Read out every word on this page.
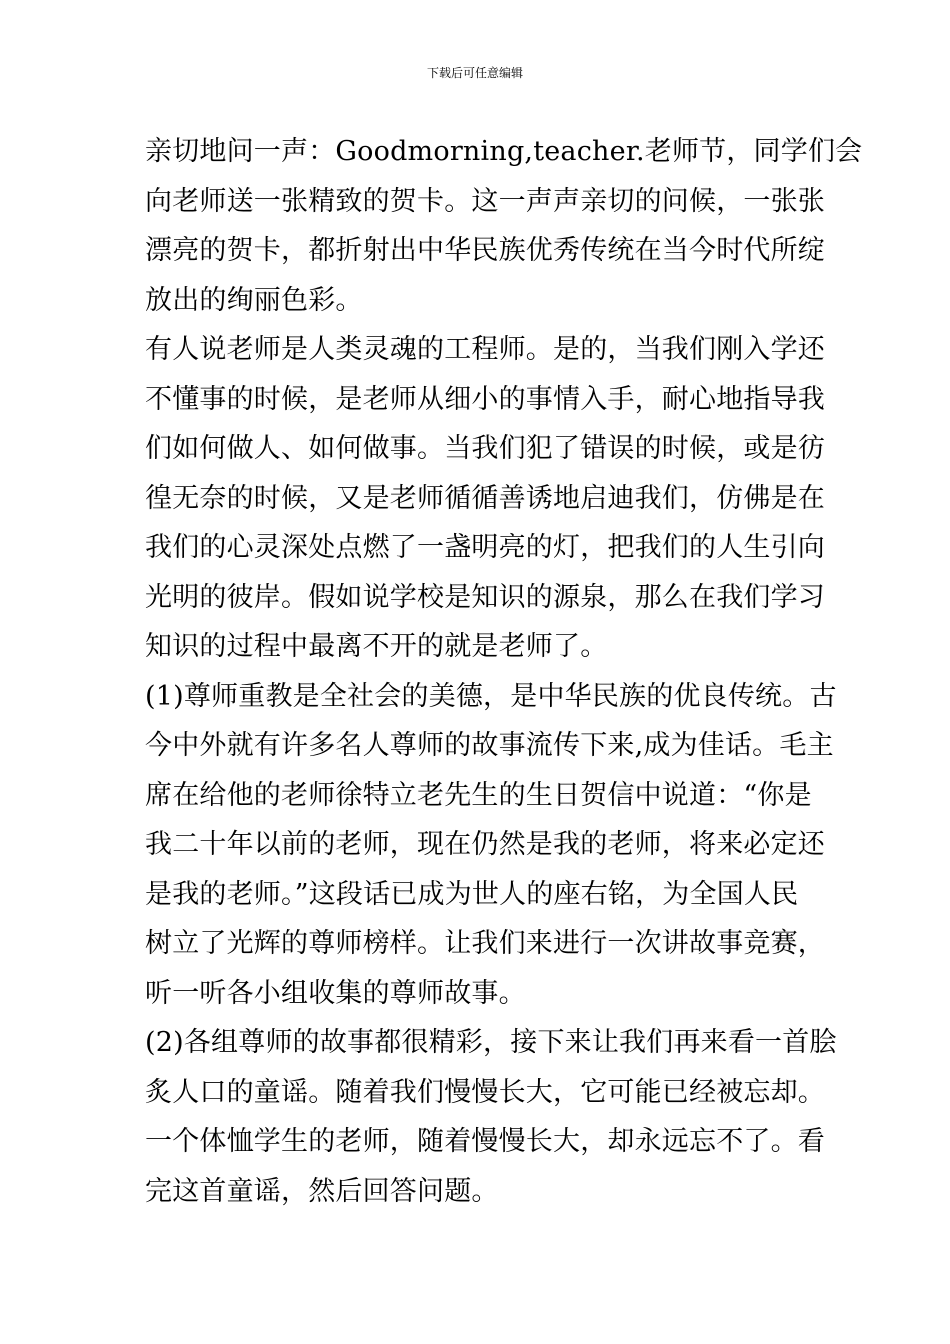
下载后可任意编辑
亲切地问一声：Goodmorning,teacher.老师节，同学们会
向老师送一张精致的贺卡。这一声声亲切的问候，一张张
漂亮的贺卡，都折射出中华民族优秀传统在当今时代所绽
放出的绚丽色彩。
有人说老师是人类灵魂的工程师。是的，当我们刚入学还
不懂事的时候，是老师从细小的事情入手，耐心地指导我
们如何做人、如何做事。当我们犯了错误的时候，或是彷
徨无奈的时候，又是老师循循善诱地启迪我们，仿佛是在
我们的心灵深处点燃了一盏明亮的灯，把我们的人生引向
光明的彼岸。假如说学校是知识的源泉，那么在我们学习
知识的过程中最离不开的就是老师了。
(1)尊师重教是全社会的美德，是中华民族的优良传统。古
今中外就有许多名人尊师的故事流传下来,成为佳话。毛主
席在给他的老师徐特立老先生的生日贺信中说道：“你是
我二十年以前的老师，现在仍然是我的老师，将来必定还
是我的老师。”这段话已成为世人的座右铭，为全国人民
树立了光辉的尊师榜样。让我们来进行一次讲故事竞赛，
听一听各小组收集的尊师故事。
(2)各组尊师的故事都很精彩，接下来让我们再来看一首脍
炙人口的童谣。随着我们慢慢长大，它可能已经被忘却。
一个体恤学生的老师，随着慢慢长大，却永远忘不了。看
完这首童谣，然后回答问题。
